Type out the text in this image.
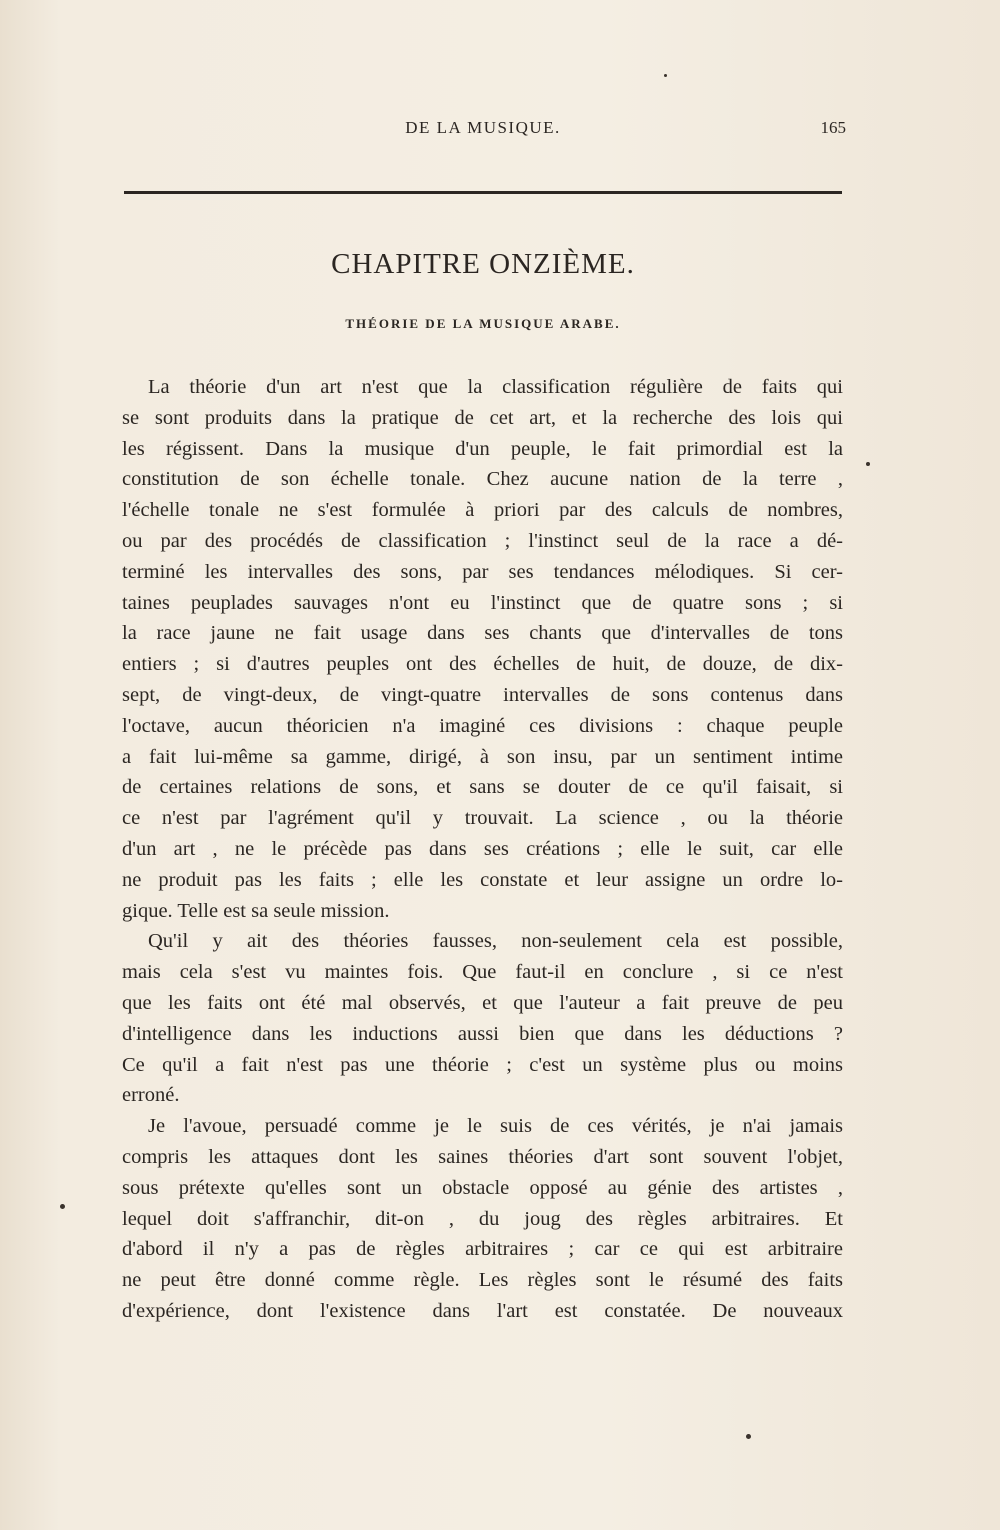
DE LA MUSIQUE.	165
CHAPITRE ONZIÈME.
THÉORIE DE LA MUSIQUE ARABE.
La théorie d'un art n'est que la classification régulière de faits qui
se sont produits dans la pratique de cet art, et la recherche des lois qui
les régissent. Dans la musique d'un peuple, le fait primordial est la
constitution de son échelle tonale. Chez aucune nation de la terre ,
l'échelle tonale ne s'est formulée à priori par des calculs de nombres,
ou par des procédés de classification ; l'instinct seul de la race a dé-
terminé les intervalles des sons, par ses tendances mélodiques. Si cer-
taines peuplades sauvages n'ont eu l'instinct que de quatre sons ; si
la race jaune ne fait usage dans ses chants que d'intervalles de tons
entiers ; si d'autres peuples ont des échelles de huit, de douze, de dix-
sept, de vingt-deux, de vingt-quatre intervalles de sons contenus dans
l'octave, aucun théoricien n'a imaginé ces divisions : chaque peuple
a fait lui-même sa gamme, dirigé, à son insu, par un sentiment intime
de certaines relations de sons, et sans se douter de ce qu'il faisait, si
ce n'est par l'agrément qu'il y trouvait. La science , ou la théorie
d'un art , ne le précède pas dans ses créations ; elle le suit, car elle
ne produit pas les faits ; elle les constate et leur assigne un ordre lo-
gique. Telle est sa seule mission.
Qu'il y ait des théories fausses, non-seulement cela est possible,
mais cela s'est vu maintes fois. Que faut-il en conclure , si ce n'est
que les faits ont été mal observés, et que l'auteur a fait preuve de peu
d'intelligence dans les inductions aussi bien que dans les déductions ?
Ce qu'il a fait n'est pas une théorie ; c'est un système plus ou moins
erroné.
Je l'avoue, persuadé comme je le suis de ces vérités, je n'ai jamais
compris les attaques dont les saines théories d'art sont souvent l'objet,
sous prétexte qu'elles sont un obstacle opposé au génie des artistes ,
lequel doit s'affranchir, dit-on , du joug des règles arbitraires. Et
d'abord il n'y a pas de règles arbitraires ; car ce qui est arbitraire
ne peut être donné comme règle. Les règles sont le résumé des faits
d'expérience, dont l'existence dans l'art est constatée. De nouveaux
